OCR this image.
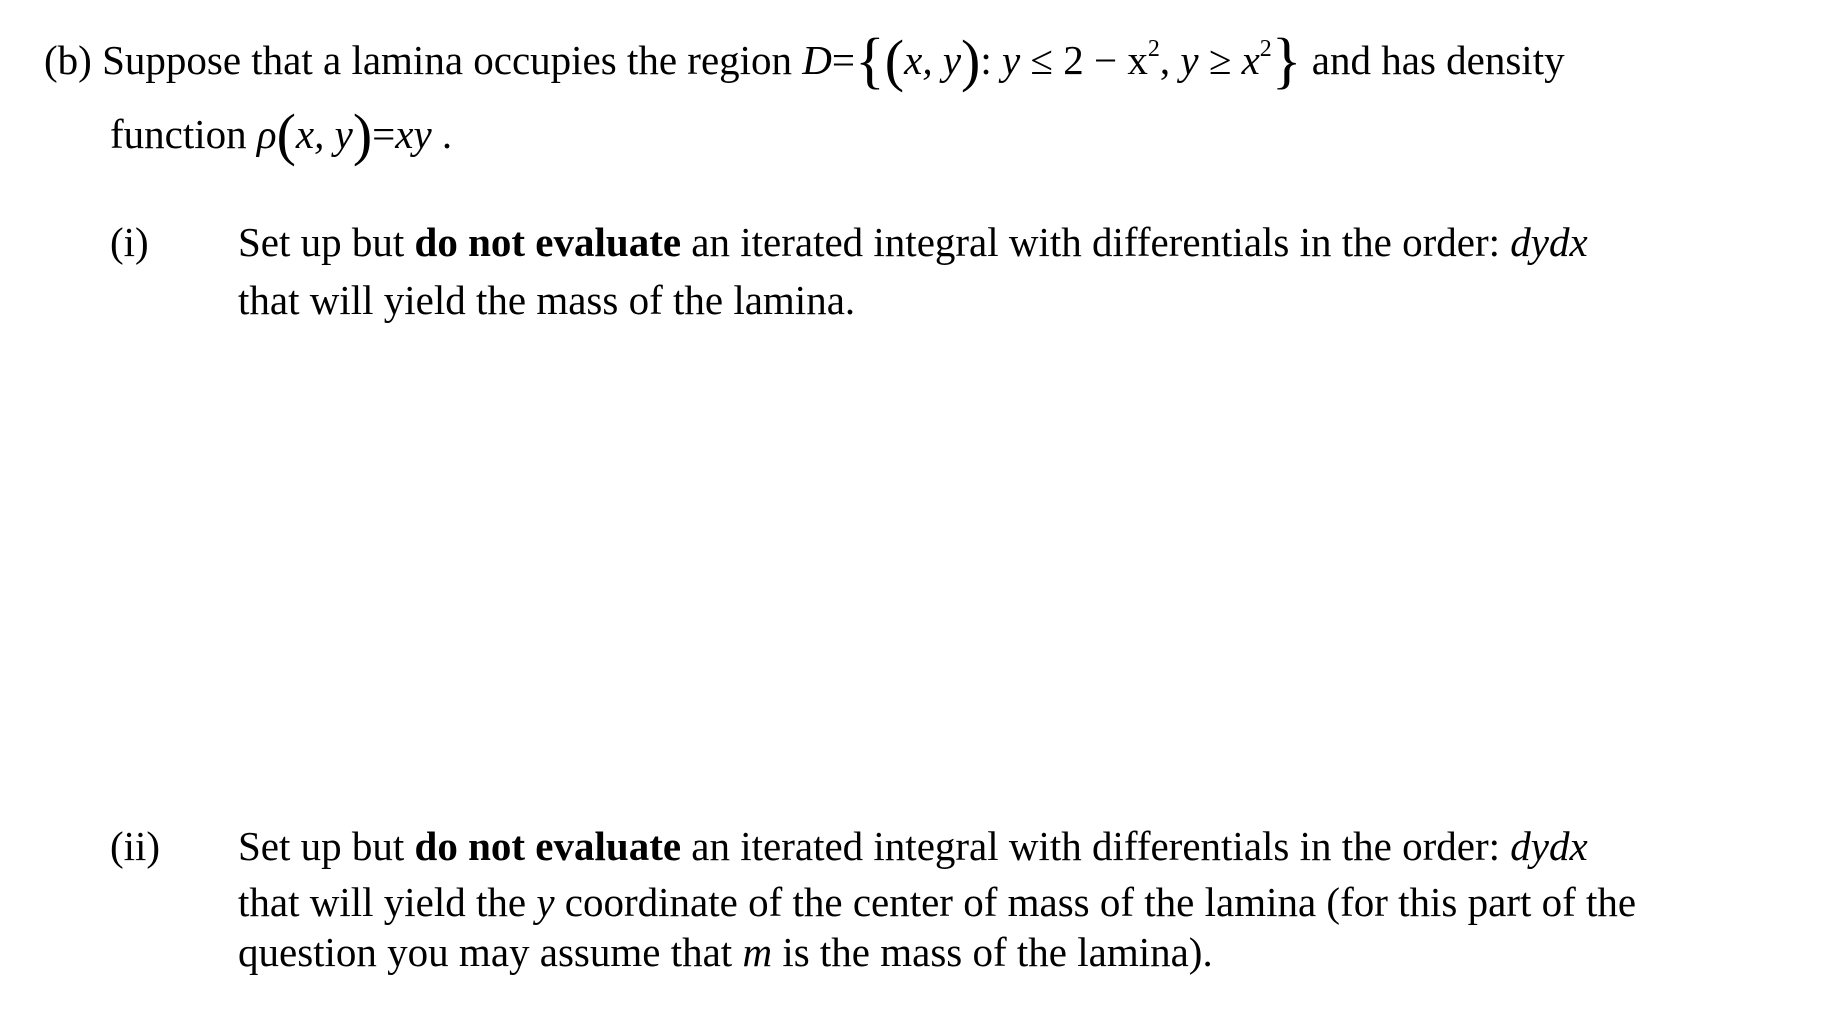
(b) Suppose that a lamina occupies the region D={(x, y): $y \le 2 - x^2$, $y \ge x^2$} and has density
function ρ(x, y)=xy .
(i) Set up but do not evaluate an iterated integral with differentials in the order: dydx
that will yield the mass of the lamina.
(ii) Set up but do not evaluate an iterated integral with differentials in the order: dydx
that will yield the y coordinate of the center of mass of the lamina (for this part of the
question you may assume that m is the mass of the lamina).
